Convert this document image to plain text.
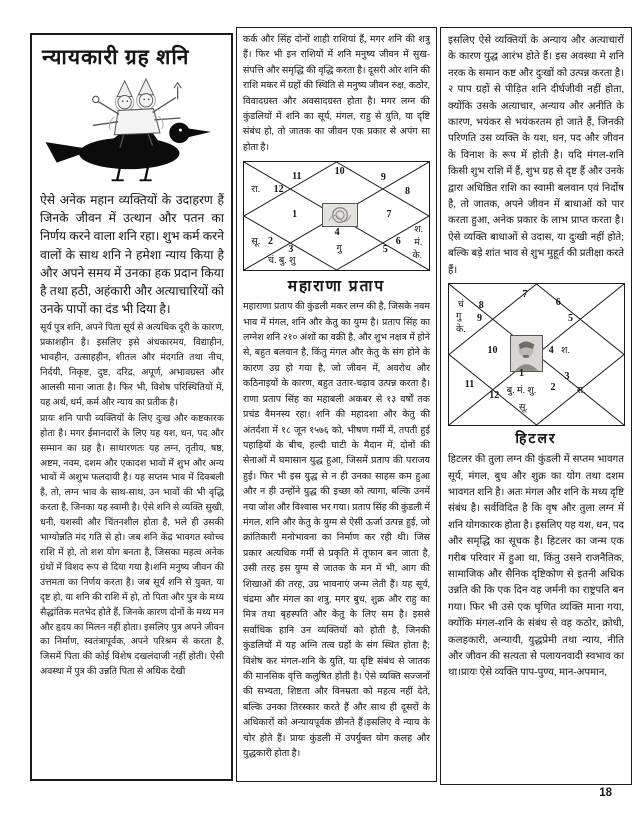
न्यायकारी ग्रह शनि
ऐसे अनेक महान व्यक्तियों के उदाहरण हैं जिनके जीवन में उत्थान और पतन का निर्णय करने वाला शनि रहा। शुभ कर्म करने वालों के साथ शनि ने हमेशा न्याय किया है और अपने समय में उनका हक प्रदान किया है तथा हठी, अहंकारी और अत्याचारियों को उनके पापों का दंड भी दिया है।

सूर्य पुत्र शनि, अपने पिता सूर्य से अत्यधिक दूरी के कारण, प्रकाशहीन है। इसलिए इसे अंधकारमय, विद्याहीन, भावहीन, उत्साहहीन, शीतल और मंदगति तथा नीच, निर्दयी, निकृष्ट, दुष्ट, दरिद्र, अपूर्ण, अभावग्रस्त और आलसी माना जाता है। फिर भी, विशेष परिस्थितियों में, यह अर्थ, धर्म, कर्म और न्याय का प्रतीक है।

प्रायः शनि पापी व्यक्तियों के लिए दुःख और कष्टकारक होता है। मगर ईमानदारों के लिए यह यश, धन, पद और सम्मान का ग्रह है। साधारणतः यह लग्न, तृतीय, षष्ठ, अष्टम, नवम, दशम और एकादश भावों में शुभ और अन्य भावों में अशुभ फलदायी है। यह सप्तम भाव में दिक्बली है, तो, लग्न भाव के साथ-साथ, उन भावों की भी वृद्धि करता है, जिनका यह स्वामी है। ऐसे शनि से व्यक्ति सुखी, धनी, यशस्वी और चिंतनशील होता है, भले ही उसकी भाग्योन्नति मंद गति से हो। जब शनि केंद्र भावगत स्वोच्च राशि में हो, तो शश योग बनता है, जिसका महत्व अनेक ग्रंथों में विशद रूप से दिया गया है।शनि मनुष्य जीवन की उत्तमता का निर्णय करता है। जब सूर्य शनि से युक्त, या दृष्ट हो, या शनि की राशि में हो, तो पिता और पुत्र के मध्य सैद्धांतिक मतभेद होते हैं, जिनके कारण दोनों के मध्य मन और हृदय का मिलन नहीं होता। इसलिए पुत्र अपने जीवन का निर्माण, स्वतंत्रापूर्वक, अपने परिश्रम से करता है, जिसमें पिता की कोई विशेष दखलंदाजी नहीं होती। ऐसी अवस्था में पुत्र की उन्नति पिता से अधिक देखी

कर्क और सिंह दोनों शाही राशियां हैं, मगर शनि की शत्रु हैं। फिर भी इन राशियों में शनि मनुष्य जीवन में सुख-संपत्ति और समृद्धि की वृद्धि करता है। दूसरी ओर शनि की राशि मकर में ग्रहों की स्थिति से मनुष्य जीवन रुक्ष, कठोर, विवादग्रस्त और अवसादग्रस्त होता है। मगर लग्न की कुंडलियों में शनि का सूर्य, मंगल, राहु से युति, या दृष्टि संबंध हो, तो जातक का जीवन एक प्रकार से अपंग सा होता है।
रा. 12
11	10
9
8
1	7
4
सू. 2
3
चं. बु. शु
गु	5
6
श.
मं.
के.
महाराणा प्रताप
महाराणा प्रताप की कुंडली मकर लग्न की है, जिसके नवम भाव में मंगल, शनि और केतु का युग्म है। प्रताप सिंह का लग्नेश शनि २१० अंशों का वक्री है, और शुभ नक्षत्र में होने से, बहुत बलवान है, किंतु मंगल और केतु के संग होने के कारण उग्र हो गया है, जो जीवन में, अवरोध और कठिनाइयों के कारण, बहुत उतार-चढ़ाव उत्पन्न करता है। राणा प्रताप सिंह का महाबली अकबर से १३ वर्षों तक प्रचंड वैमनस्य रहा। शनि की महादशा और केतु की अंतर्दशा में १८ जून १५७६ को, भीषण गर्मी में, तपती हुई पहाड़ियों के बीच, हल्दी घाटी के मैदान में, दोनों की सेनाओं में घमासान युद्ध हुआ, जिसमें प्रताप की पराजय हुई। फिर भी इस युद्ध से न ही उनका साहस कम हुआ और न ही उन्होंने युद्ध की इच्छा को त्यागा, बल्कि उनमें नया जोश और विश्वास भर गया। प्रताप सिंह की कुंडली में मंगल, शनि और केतु के युग्म से ऐसी ऊर्जा उत्पन्न हुई, जो क्रांतिकारी मनोभावना का निर्माण कर रही थी। जिस प्रकार अत्यधिक गर्मी से प्रकृति में तूफान बन जाता है, उसी तरह इस युग्म से जातक के मन में भी, आग की शिखाओं की तरह, उग्र भावनाएं जन्म लेती हैं। यह सूर्य, चंद्रमा और मंगल का शत्रु, मगर बुध, शुक्र और राहु का मित्र तथा बृहस्पति और केतु के लिए सम है। इससे सर्वाधिक हानि उन व्यक्तियों को होती है, जिनकी कुंडलियों में यह अग्नि तत्व ग्रहों के संग स्थित होता है; विशेष कर मंगल-शनि के युति, या दृष्टि संबंध से जातक की मानसिक वृत्ति कलुषित होती है। ऐसे व्यक्ति सज्जनों की सभ्यता, शिष्टता और विनम्रता को महत्व नहीं देते, बल्कि उनका तिरस्कार करते हैं और साथ ही दूसरों के अधिकारों को अन्यायपूर्वक छीनते हैं।इसलिए वे न्याय के चोर होते हैं। प्रायः कुंडली में उपर्युक्त योग कलह और युद्धकारी होता है।
इसलिए ऐसे व्यक्तियों के अन्याय और अत्याचारों के कारण युद्ध आरंभ होते हैं। इस अवस्था मे शनि नरक के समान कष्ट और दुःखों को उत्पन्न करता है। २ पाप ग्रहों से पीड़ित शनि दीर्घजीवी नहीं होता, क्योंकि उसके अत्याचार, अन्याय और अनीति के कारण, भयंकर से भयंकरतम हो जाते हैं, जिनकी परिणति उस व्यक्ति के यश, धन, पद और जीवन के विनाश के रूप में होती है। यदि मंगल-शनि किसी शुभ राशि में हैं, शुभ ग्रह से दृष्ट हैं और उनके द्वारा अधिष्ठित राशि का स्वामी बलवान एवं निर्दोष है, तो जातक, अपने जीवन में बाधाओं को पार करता हुआ, अनेक प्रकार के लाभ प्राप्त करता है। ऐसे व्यक्ति बाधाओं से उदास, या दुःखी नहीं होते; बल्कि बड़े शांत भाव से शुभ मुहूर्त की प्रतीक्षा करते हैं।
चं 8
7
6
गु 9	5
के.
10	4 श.
1
11
12 बु. मं. शु.
सू.
2
3
रा.
हिटलर
हिटलर की तुला लग्न की कुंडली में सप्तम भावगत सूर्य, मंगल, बुध और शुक्र का योग तथा दशम भावगत शनि है। अतः मंगल और शनि के मध्य दृष्टि संबंध है। सर्वविदित है कि वृष और तुला लग्न में शनि योगकारक होता है। इसलिए यह यश, धन, पद और समृद्धि का सूचक है। हिटलर का जन्म एक गरीब परिवार में हुआ था, किंतु उसने राजनैतिक, सामाजिक और सैनिक दृष्टिकोण से इतनी अधिक उन्नति की कि एक दिन वह जर्मनी का राष्ट्रपति बन गया। फिर भी उसे एक घृणित व्यक्ति माना गया, क्योंकि मंगल-शनि के संबंध से वह कठोर, क्रोधी, कलहकारी, अन्यायी, युद्धप्रेमी तथा न्याय, नीति और जीवन की सत्यता से पलायनवादी स्वभाव का था।प्रायः ऐसे व्यक्ति पाप-पुण्य, मान-अपमान,
18
